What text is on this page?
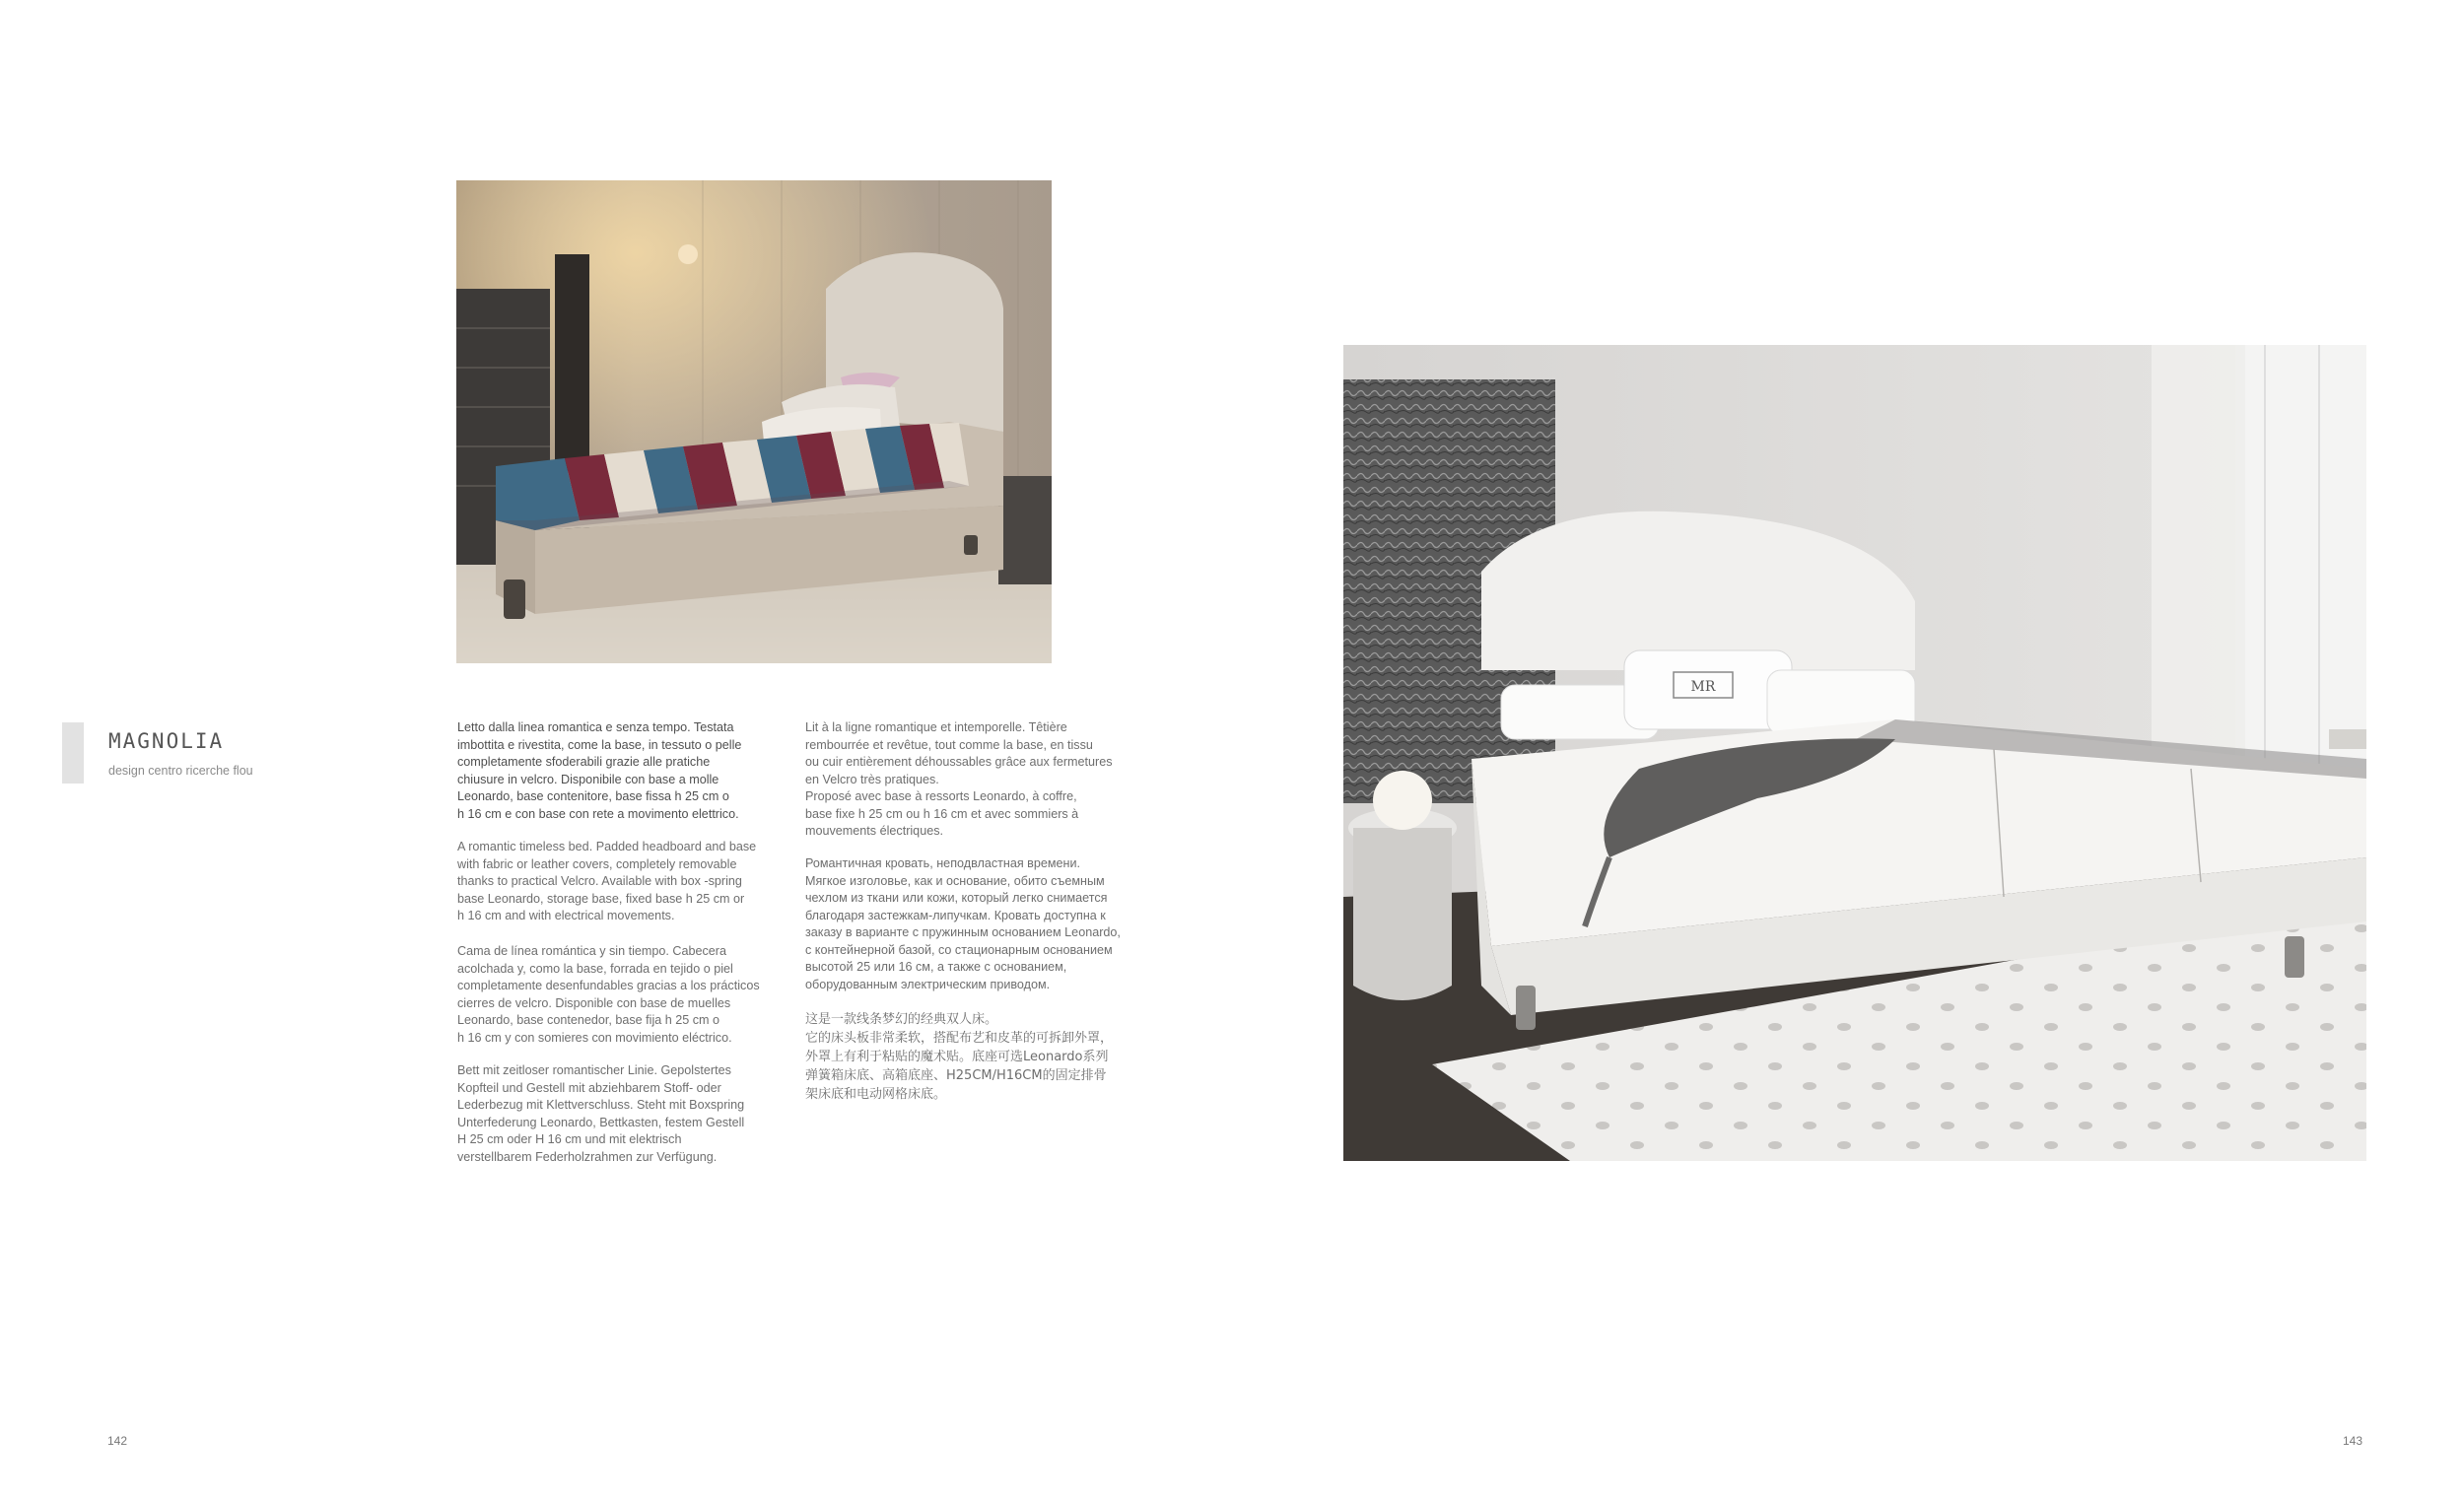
MAGNOLIA
design centro ricerche flou
MR
Letto dalla linea romantica e senza tempo. Testata
imbottita e rivestita, come la base, in tessuto o pelle
completamente sfoderabili grazie alle pratiche
chiusure in velcro. Disponibile con base a molle
Leonardo, base contenitore, base fissa h 25 cm o
h 16 cm e con base con rete a movimento elettrico.
A romantic timeless bed. Padded headboard and base
with fabric or leather covers, completely removable
thanks to practical Velcro. Available with box -spring
base Leonardo, storage base, fixed base h 25 cm or
h 16 cm and with electrical movements.
Cama de línea romántica y sin tiempo. Cabecera
acolchada y, como la base, forrada en tejido o piel
completamente desenfundables gracias a los prácticos
cierres de velcro. Disponible con base de muelles
Leonardo, base contenedor, base fija h 25 cm o
h 16 cm y con somieres con movimiento eléctrico.
Bett mit zeitloser romantischer Linie. Gepolstertes
Kopfteil und Gestell mit abziehbarem Stoff- oder
Lederbezug mit Klettverschluss. Steht mit Boxspring
Unterfederung Leonardo, Bettkasten, festem Gestell
H 25 cm oder H 16 cm und mit elektrisch
verstellbarem Federholzrahmen zur Verfügung.
Lit à la ligne romantique et intemporelle. Têtière
rembourrée et revêtue, tout comme la base, en tissu
ou cuir entièrement déhoussables grâce aux fermetures
en Velcro très pratiques.
Proposé avec base à ressorts Leonardo, à coffre,
base fixe h 25 cm ou h 16 cm et avec sommiers à
mouvements électriques.
Романтичная кровать, неподвластная времени.
Мягкое изголовье, как и основание, обито съемным
чехлом из ткани или кожи, который легко снимается
благодаря застежкам-липучкам. Кровать доступна к
заказу в варианте с пружинным основанием Leonardo,
с контейнерной базой, со стационарным основанием
высотой 25 или 16 см, а также с основанием,
оборудованным электрическим приводом.
这是一款线条梦幻的经典双人床。
它的床头板非常柔软，搭配布艺和皮革的可拆卸外罩，
外罩上有利于粘贴的魔术贴。底座可选Leonardo系列
弹簧箱床底、高箱底座、H25CM/H16CM的固定排骨
架床底和电动网格床底。
142	143
